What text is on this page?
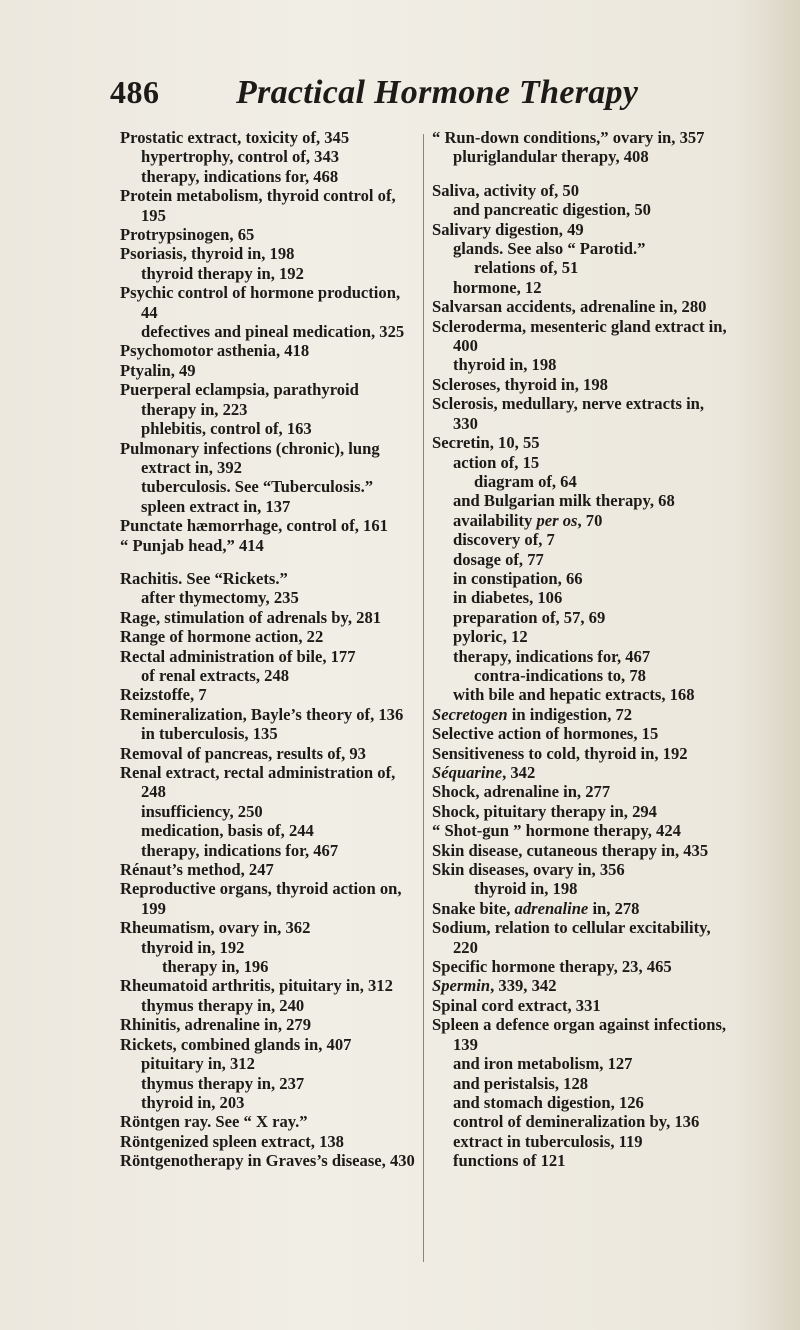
486 Practical Hormone Therapy

Prostatic extract, toxicity of, 345

hypertrophy, control of, 343

therapy, indications for, 468

Protein metabolism, thyroid control of, 195

Protrypsinogen, 65

Psoriasis, thyroid in, 198

thyroid therapy in, 192

Psychic control of hormone production, 44

defectives and pineal medication, 325

Psychomotor asthenia, 418

Ptyalin, 49

Puerperal eclampsia, parathyroid therapy in, 223

phlebitis, control of, 163

Pulmonary infections (chronic), lung extract in, 392

tuberculosis. See “Tuberculosis.”

spleen extract in, 137

Punctate hæmorrhage, control of, 161

“ Punjab head,” 414

Rachitis. See “Rickets.”

after thymectomy, 235

Rage, stimulation of adrenals by, 281

Range of hormone action, 22

Rectal administration of bile, 177

of renal extracts, 248

Reizstoffe, 7

Remineralization, Bayle’s theory of, 136

in tuberculosis, 135

Removal of pancreas, results of, 93

Renal extract, rectal administration of, 248

insufficiency, 250

medication, basis of, 244

therapy, indications for, 467

Rénaut’s method, 247

Reproductive organs, thyroid action on, 199

Rheumatism, ovary in, 362

thyroid in, 192

therapy in, 196

Rheumatoid arthritis, pituitary in, 312

thymus therapy in, 240

Rhinitis, adrenaline in, 279

Rickets, combined glands in, 407

pituitary in, 312

thymus therapy in, 237

thyroid in, 203

Röntgen ray. See “ X ray.”

Röntgenized spleen extract, 138

Röntgenotherapy in Graves’s disease, 430

“ Run-down conditions,” ovary in, 357

pluriglandular therapy, 408

Saliva, activity of, 50

and pancreatic digestion, 50

Salivary digestion, 49

glands. See also “ Parotid.”

relations of, 51

hormone, 12

Salvarsan accidents, adrenaline in, 280

Scleroderma, mesenteric gland extract in, 400

thyroid in, 198

Scleroses, thyroid in, 198

Sclerosis, medullary, nerve extracts in, 330

Secretin, 10, 55

action of, 15

diagram of, 64

and Bulgarian milk therapy, 68

availability per os, 70

discovery of, 7

dosage of, 77

in constipation, 66

in diabetes, 106

preparation of, 57, 69

pyloric, 12

therapy, indications for, 467

contra-indications to, 78

with bile and hepatic extracts, 168

Secretogen in indigestion, 72

Selective action of hormones, 15

Sensitiveness to cold, thyroid in, 192

Séquarine, 342

Shock, adrenaline in, 277

Shock, pituitary therapy in, 294

“ Shot-gun ” hormone therapy, 424

Skin disease, cutaneous therapy in, 435

Skin diseases, ovary in, 356

thyroid in, 198

Snake bite, adrenaline in, 278

Sodium, relation to cellular excitability, 220

Specific hormone therapy, 23, 465

Spermin, 339, 342

Spinal cord extract, 331

Spleen a defence organ against infections, 139

and iron metabolism, 127

and peristalsis, 128

and stomach digestion, 126

control of demineralization by, 136

extract in tuberculosis, 119

functions of 121
